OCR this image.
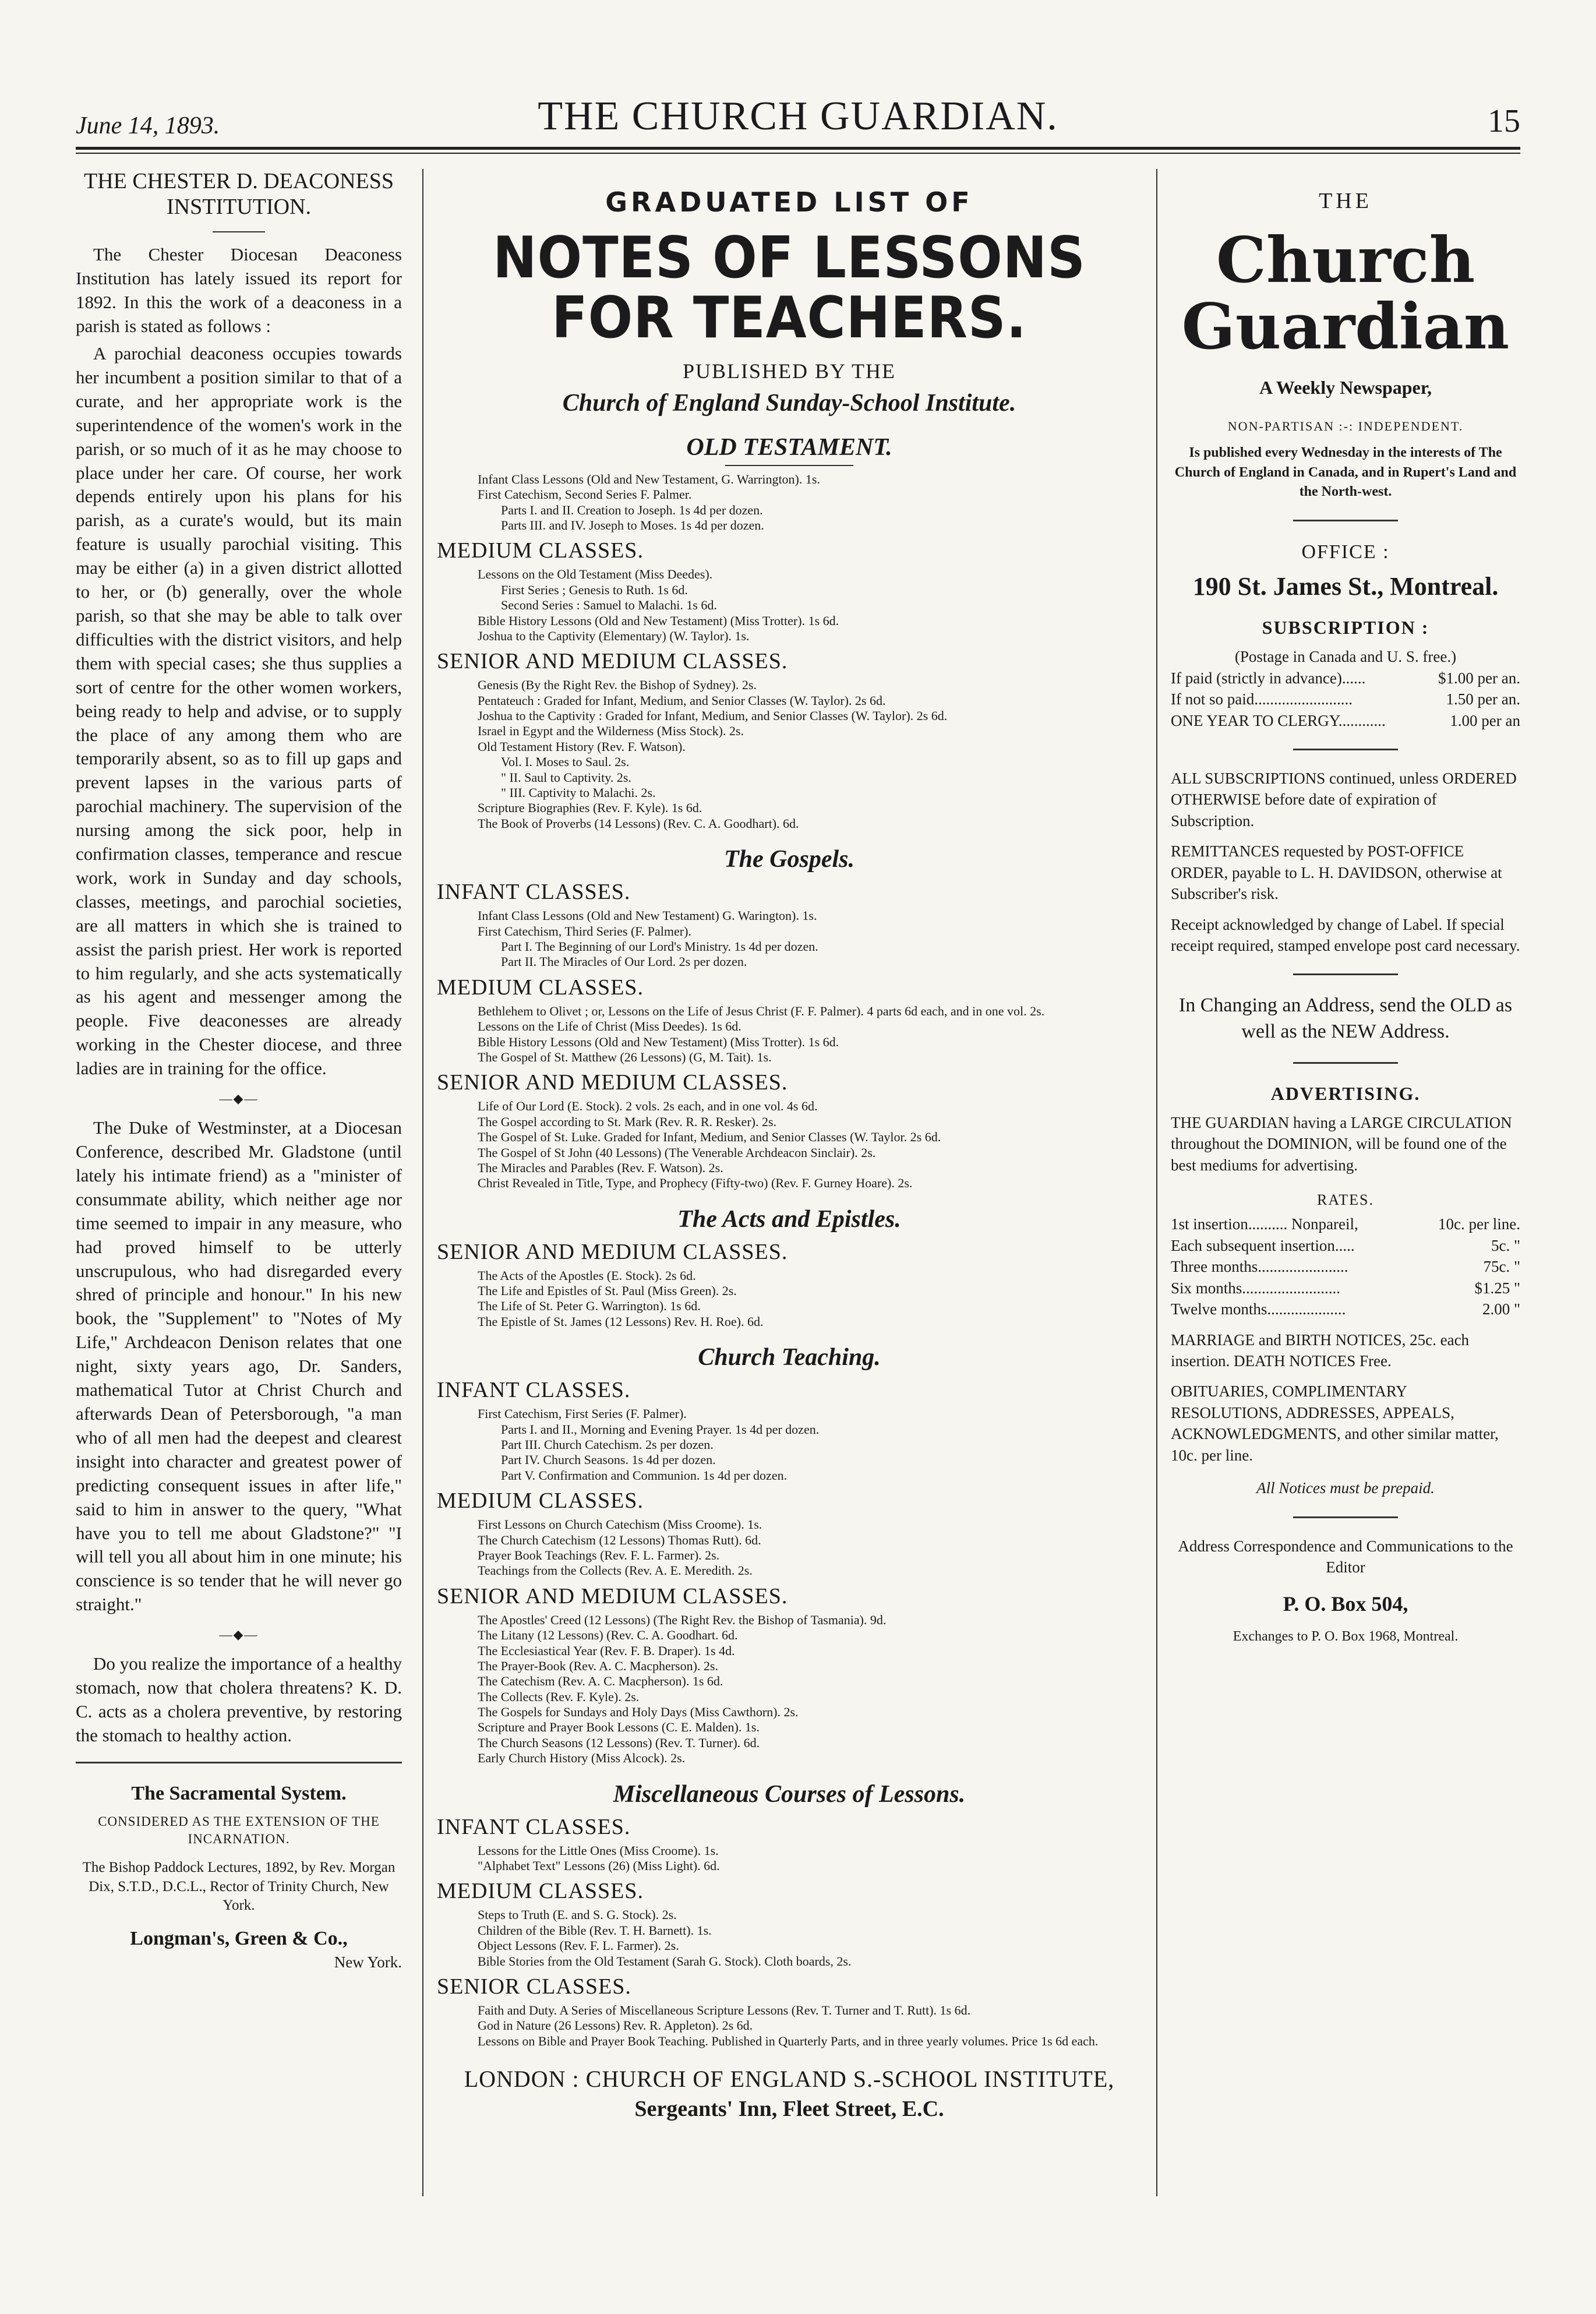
June 14, 1893.	THE CHURCH GUARDIAN.	15
THE CHESTER D. DEACONESS INSTITUTION.

The Chester Diocesan Deaconess Institution has lately issued its report for 1892. In this the work of a deaconess in a parish is stated as follows :

A parochial deaconess occupies towards her incumbent a position similar to that of a curate, and her appropriate work is the superintendence of the women's work in the parish, or so much of it as he may choose to place under her care. Of course, her work depends entirely upon his plans for his parish, as a curate's would, but its main feature is usually parochial visiting. This may be either (a) in a given district allotted to her, or (b) generally, over the whole parish, so that she may be able to talk over difficulties with the district visitors, and help them with special cases; she thus supplies a sort of centre for the other women workers, being ready to help and advise, or to supply the place of any among them who are temporarily absent, so as to fill up gaps and prevent lapses in the various parts of parochial machinery. The supervision of the nursing among the sick poor, help in confirmation classes, temperance and rescue work, work in Sunday and day schools, classes, meetings, and parochial societies, are all matters in which she is trained to assist the parish priest. Her work is reported to him regularly, and she acts systematically as his agent and messenger among the people. Five deaconesses are already working in the Chester diocese, and three ladies are in training for the office.

—◆—

The Duke of Westminster, at a Diocesan Conference, described Mr. Gladstone (until lately his intimate friend) as a "minister of consummate ability, which neither age nor time seemed to impair in any measure, who had proved himself to be utterly unscrupulous, who had disregarded every shred of principle and honour." In his new book, the "Supplement" to "Notes of My Life," Archdeacon Denison relates that one night, sixty years ago, Dr. Sanders, mathematical Tutor at Christ Church and afterwards Dean of Petersborough, "a man who of all men had the deepest and clearest insight into character and greatest power of predicting consequent issues in after life," said to him in answer to the query, "What have you to tell me about Gladstone?" "I will tell you all about him in one minute; his conscience is so tender that he will never go straight."

—◆—

Do you realize the importance of a healthy stomach, now that cholera threatens? K. D. C. acts as a cholera preventive, by restoring the stomach to healthy action.

The Sacramental System.
CONSIDERED AS THE EXTENSION OF THE INCARNATION.
The Bishop Paddock Lectures, 1892, by Rev. Morgan Dix, S.T.D., D.C.L., Rector of Trinity Church, New York.
Longman's, Green & Co.,
New York.
GRADUATED LIST OF
NOTES OF LESSONS FOR TEACHERS.
PUBLISHED BY THE
Church of England Sunday-School Institute.
OLD TESTAMENT.
Infant Class Lessons (Old and New Testament, G. Warrington). 1s.
First Catechism, Second Series F. Palmer.
Parts I. and II. Creation to Joseph. 1s 4d per dozen.
Parts III. and IV. Joseph to Moses. 1s 4d per dozen.
MEDIUM CLASSES.
Lessons on the Old Testament (Miss Deedes).
First Series ; Genesis to Ruth. 1s 6d.
Second Series : Samuel to Malachi. 1s 6d.
Bible History Lessons (Old and New Testament) (Miss Trotter). 1s 6d.
Joshua to the Captivity (Elementary) (W. Taylor). 1s.
SENIOR AND MEDIUM CLASSES.
Genesis (By the Right Rev. the Bishop of Sydney). 2s.
Pentateuch : Graded for Infant, Medium, and Senior Classes (W. Taylor). 2s 6d.
Joshua to the Captivity : Graded for Infant, Medium, and Senior Classes (W. Taylor). 2s 6d.
Israel in Egypt and the Wilderness (Miss Stock). 2s.
Old Testament History (Rev. F. Watson).
Vol. I. Moses to Saul. 2s.
" II. Saul to Captivity. 2s.
" III. Captivity to Malachi. 2s.
Scripture Biographies (Rev. F. Kyle). 1s 6d.
The Book of Proverbs (14 Lessons) (Rev. C. A. Goodhart). 6d.
The Gospels.
INFANT CLASSES.
Infant Class Lessons (Old and New Testament) G. Warington). 1s.
First Catechism, Third Series (F. Palmer).
Part I. The Beginning of our Lord's Ministry. 1s 4d per dozen.
Part II. The Miracles of Our Lord. 2s per dozen.
MEDIUM CLASSES.
Bethlehem to Olivet ; or, Lessons on the Life of Jesus Christ (F. F. Palmer). 4 parts 6d each, and in one vol. 2s.
Lessons on the Life of Christ (Miss Deedes). 1s 6d.
Bible History Lessons (Old and New Testament) (Miss Trotter). 1s 6d.
The Gospel of St. Matthew (26 Lessons) (G, M. Tait). 1s.
SENIOR AND MEDIUM CLASSES.
Life of Our Lord (E. Stock). 2 vols. 2s each, and in one vol. 4s 6d.
The Gospel according to St. Mark (Rev. R. R. Resker). 2s.
The Gospel of St. Luke. Graded for Infant, Medium, and Senior Classes (W. Taylor. 2s 6d.
The Gospel of St John (40 Lessons) (The Venerable Archdeacon Sinclair). 2s.
The Miracles and Parables (Rev. F. Watson). 2s.
Christ Revealed in Title, Type, and Prophecy (Fifty-two) (Rev. F. Gurney Hoare). 2s.
The Acts and Epistles.
SENIOR AND MEDIUM CLASSES.
The Acts of the Apostles (E. Stock). 2s 6d.
The Life and Epistles of St. Paul (Miss Green). 2s.
The Life of St. Peter G. Warrington). 1s 6d.
The Epistle of St. James (12 Lessons) Rev. H. Roe). 6d.
Church Teaching.
INFANT CLASSES.
First Catechism, First Series (F. Palmer).
Parts I. and II., Morning and Evening Prayer. 1s 4d per dozen.
Part III. Church Catechism. 2s per dozen.
Part IV. Church Seasons. 1s 4d per dozen.
Part V. Confirmation and Communion. 1s 4d per dozen.
MEDIUM CLASSES.
First Lessons on Church Catechism (Miss Croome). 1s.
The Church Catechism (12 Lessons) Thomas Rutt). 6d.
Prayer Book Teachings (Rev. F. L. Farmer). 2s.
Teachings from the Collects (Rev. A. E. Meredith. 2s.
SENIOR AND MEDIUM CLASSES.
The Apostles' Creed (12 Lessons) (The Right Rev. the Bishop of Tasmania). 9d.
The Litany (12 Lessons) (Rev. C. A. Goodhart. 6d.
The Ecclesiastical Year (Rev. F. B. Draper). 1s 4d.
The Prayer-Book (Rev. A. C. Macpherson). 2s.
The Catechism (Rev. A. C. Macpherson). 1s 6d.
The Collects (Rev. F. Kyle). 2s.
The Gospels for Sundays and Holy Days (Miss Cawthorn). 2s.
Scripture and Prayer Book Lessons (C. E. Malden). 1s.
The Church Seasons (12 Lessons) (Rev. T. Turner). 6d.
Early Church History (Miss Alcock). 2s.
Miscellaneous Courses of Lessons.
INFANT CLASSES.
Lessons for the Little Ones (Miss Croome). 1s.
"Alphabet Text" Lessons (26) (Miss Light). 6d.
MEDIUM CLASSES.
Steps to Truth (E. and S. G. Stock). 2s.
Children of the Bible (Rev. T. H. Barnett). 1s.
Object Lessons (Rev. F. L. Farmer). 2s.
Bible Stories from the Old Testament (Sarah G. Stock). Cloth boards, 2s.
SENIOR CLASSES.
Faith and Duty. A Series of Miscellaneous Scripture Lessons (Rev. T. Turner and T. Rutt). 1s 6d.
God in Nature (26 Lessons) Rev. R. Appleton). 2s 6d.
Lessons on Bible and Prayer Book Teaching. Published in Quarterly Parts, and in three yearly volumes. Price 1s 6d each.
LONDON : CHURCH OF ENGLAND S.-SCHOOL INSTITUTE,
Sergeants' Inn, Fleet Street, E.C.
THE
Church Guardian
A Weekly Newspaper,
NON-PARTISAN :-: INDEPENDENT.
Is published every Wednesday in the interests of The Church of England in Canada, and in Rupert's Land and the North-west.
OFFICE :
190 St. James St., Montreal.
SUBSCRIPTION :
(Postage in Canada and U. S. free.)
If paid (strictly in advance)......	$1.00 per an.
If not so paid.........................	1.50 per an.
ONE YEAR TO CLERGY............	1.00 per an

ALL SUBSCRIPTIONS continued, unless ORDERED OTHERWISE before date of expiration of Subscription.

REMITTANCES requested by POST-OFFICE ORDER, payable to L. H. DAVIDSON, otherwise at Subscriber's risk.

Receipt acknowledged by change of Label. If special receipt required, stamped envelope post card necessary.

In Changing an Address, send the OLD as well as the NEW Address.
ADVERTISING.

THE GUARDIAN having a LARGE CIRCULATION throughout the DOMINION, will be found one of the best mediums for advertising.

RATES.
1st insertion.......... Nonpareil,	10c. per line.
Each subsequent insertion.....	5c. "
Three months.......................	75c. "
Six months.........................	$1.25 "
Twelve months....................	2.00 "

MARRIAGE and BIRTH NOTICES, 25c. each insertion. DEATH NOTICES Free.

OBITUARIES, COMPLIMENTARY RESOLUTIONS, ADDRESSES, APPEALS, ACKNOWLEDGMENTS, and other similar matter, 10c. per line.

All Notices must be prepaid.
Address Correspondence and Communications to the Editor
P. O. Box 504,
Exchanges to P. O. Box 1968, Montreal.
